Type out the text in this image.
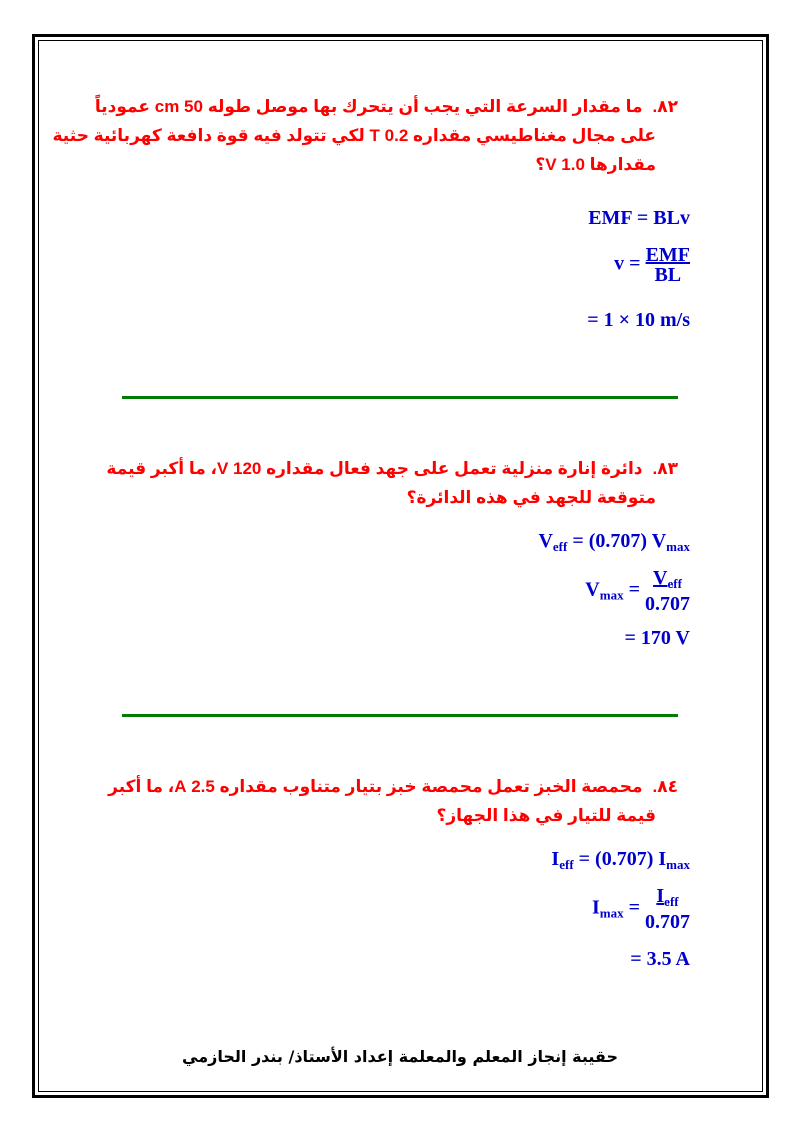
٨٢.ما مقدار السرعة التي يجب أن يتحرك بها موصل طوله 50 cm عمودياً
على مجال مغناطيسي مقداره 0.2 T لكي تتولد فيه قوة دافعة كهربائية حثية
مقدارها 1.0 V؟
EMF = BLv
$v = \frac{\text{EMF}}{BL}$
= 1 × 10 m/s
٨٣.دائرة إنارة منزلية تعمل على جهد فعال مقداره 120 V، ما أكبر قيمة
متوقعة للجهد في هذه الدائرة؟
$V_{eff} = (0.707)$ $V_{max}$
$V_{max} = \frac{V_{eff}}{0.707}$
= 170 V
٨٤.محمصة الخبز تعمل محمصة خبز بتيار متناوب مقداره 2.5 A، ما أكبر
قيمة للتيار في هذا الجهاز؟
$I_{eff} = (0.707)$ $I_{max}$
$I_{max} = \frac{I_{eff}}{0.707}$
= 3.5 A
حقيبة إنجاز المعلم والمعلمة إعداد الأستاذ/ بندر الحازمي
